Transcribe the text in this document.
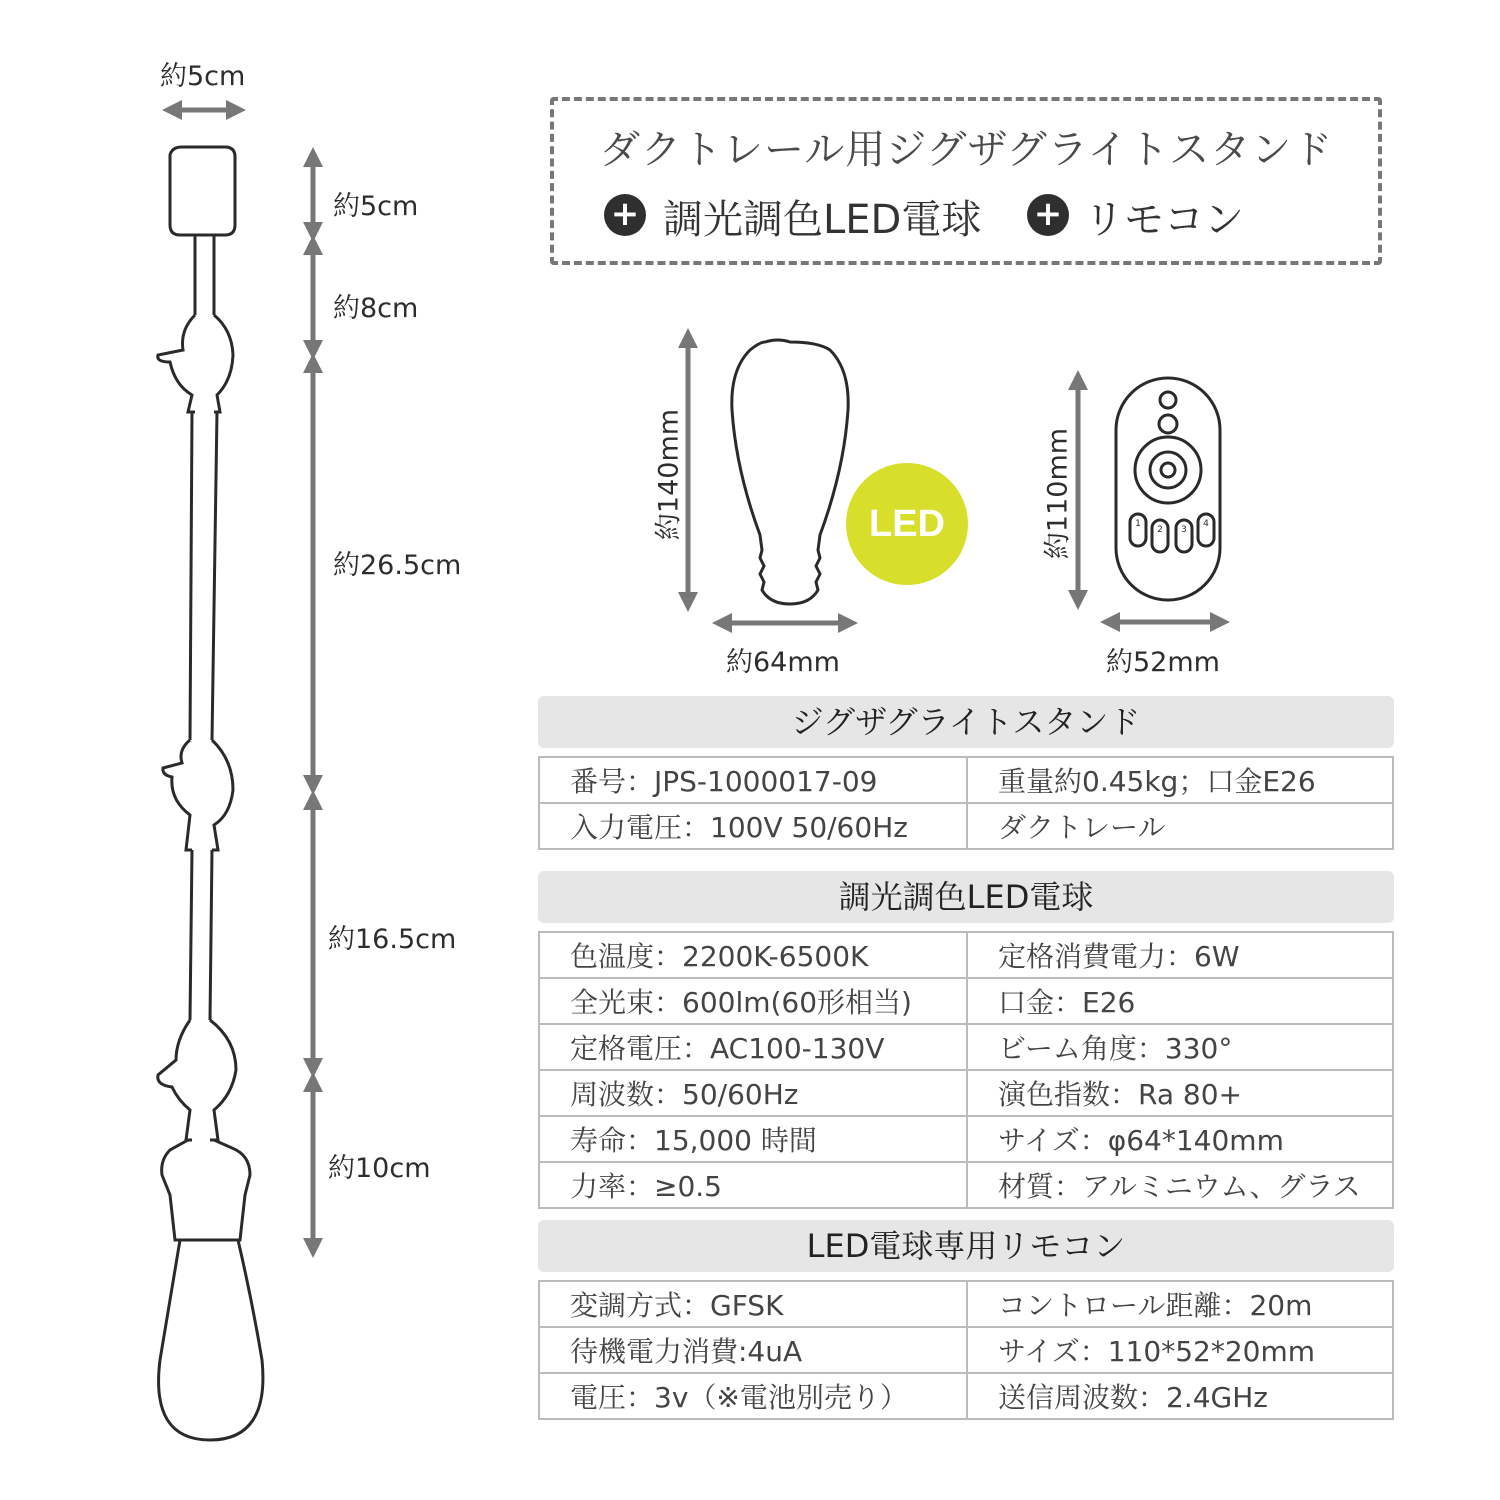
約5cm
約5cm
約8cm
約26.5cm
約16.5cm
約10cm
ダクトレール用ジグザグライトスタンド
+ 調光調色LED電球 + リモコン
1
2 3
4
LED
約140mm
約64mm
約110mm
約52mm
ジグザグライトスタンド
番号：JPS-1000017-09	重量約0.45kg；口金E26
入力電圧：100V 50/60Hz	ダクトレール
調光調色LED電球
色温度：2200K-6500K	定格消費電力：6W
全光束：600lm(60形相当)	口金：E26
定格電圧：AC100-130V	ビーム角度：330°
周波数：50/60Hz	演色指数：Ra 80+
寿命：15,000 時間	サイズ：φ64*140mm
力率：≥0.5	材質：アルミニウム、グラス
LED電球専用リモコン
変調方式：GFSK	コントロール距離：20m
待機電力消費:4uA	サイズ：110*52*20mm
電圧：3v（※電池別売り）	送信周波数：2.4GHz
